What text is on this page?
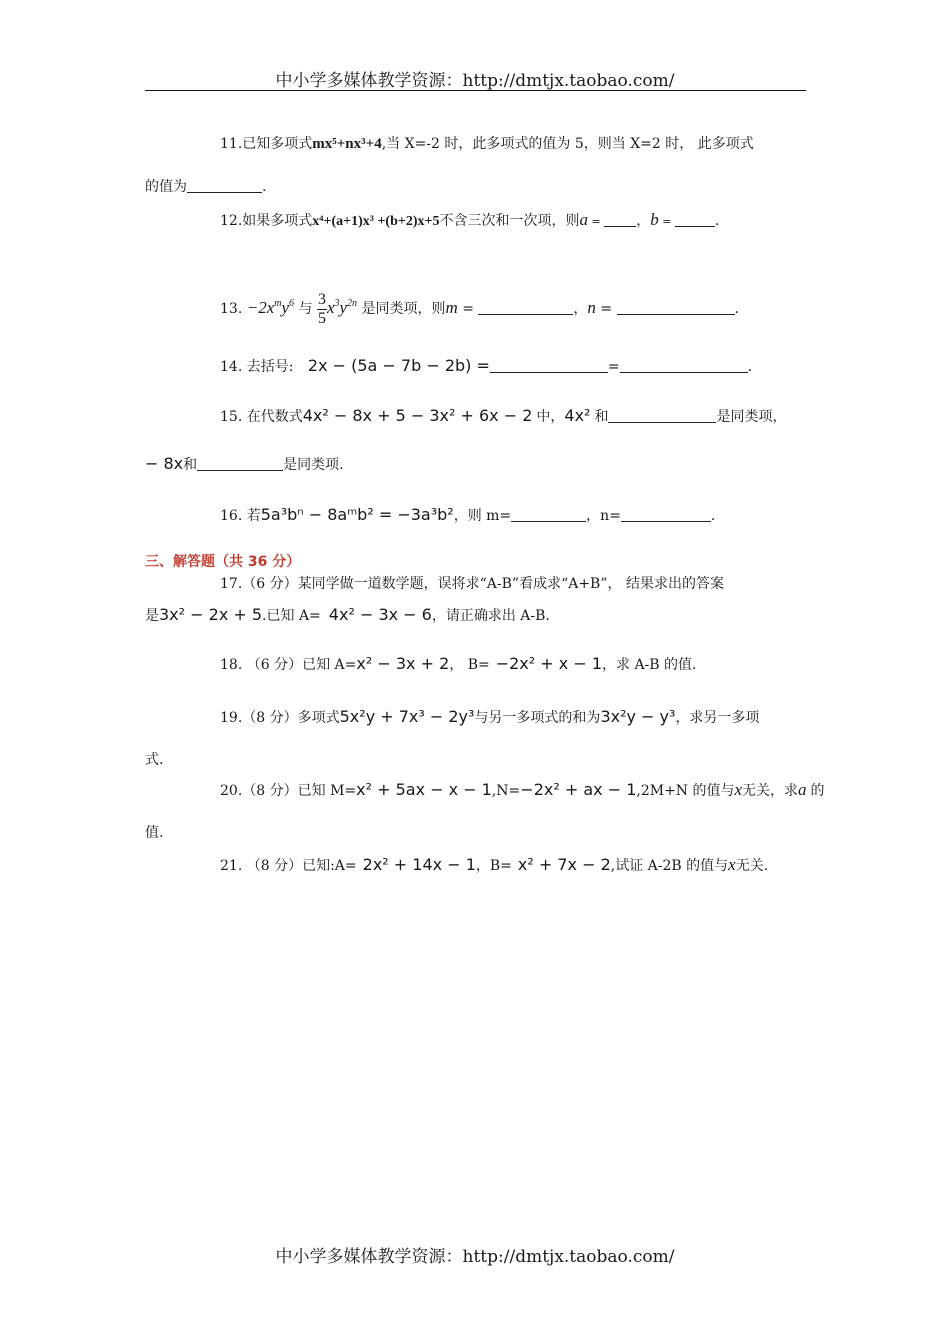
中小学多媒体教学资源：http://dmtjx.taobao.com/
11.已知多项式mx⁵+nx³+4,当 X=-2 时，此多项式的值为 5，则当 X=2 时， 此多项式
的值为	.
12.如果多项式x⁴+(a+1)x³ +(b+2)x+5不含三次和一次项，则a = ，b =	.
13. $-2x^my^6$ 与 $\frac{3}{5} x^3y^{2n}$ 是同类项，则m =	，n =	.
14. 去括号: 2x − (5a − 7b − 2b) =	=	.
15. 在代数式4x² − 8x + 5 − 3x² + 6x − 2 中，4x² 和	是同类项，
− 8x和	是同类项.
16. 若5a³bⁿ − 8aᵐb² = −3a³b²，则 m=	，n=	.
三、解答题（共 36 分）
17.（6 分）某同学做一道数学题，误将求“A-B”看成求“A+B”， 结果求出的答案
是3x² − 2x + 5.已知 A= 4x² − 3x − 6，请正确求出 A-B.
18. （6 分）已知 A=x² − 3x + 2， B= −2x² + x − 1，求 A-B 的值.
19.（8 分）多项式5x²y + 7x³ − 2y³与另一多项式的和为3x²y − y³，求另一多项
式.
20.（8 分）已知 M=x² + 5ax − x − 1,N=−2x² + ax − 1,2M+N 的值与x无关，求a 的
值.
21. （8 分）已知:A= 2x² + 14x − 1，B= x² + 7x − 2,试证 A-2B 的值与x无关.
中小学多媒体教学资源：http://dmtjx.taobao.com/
